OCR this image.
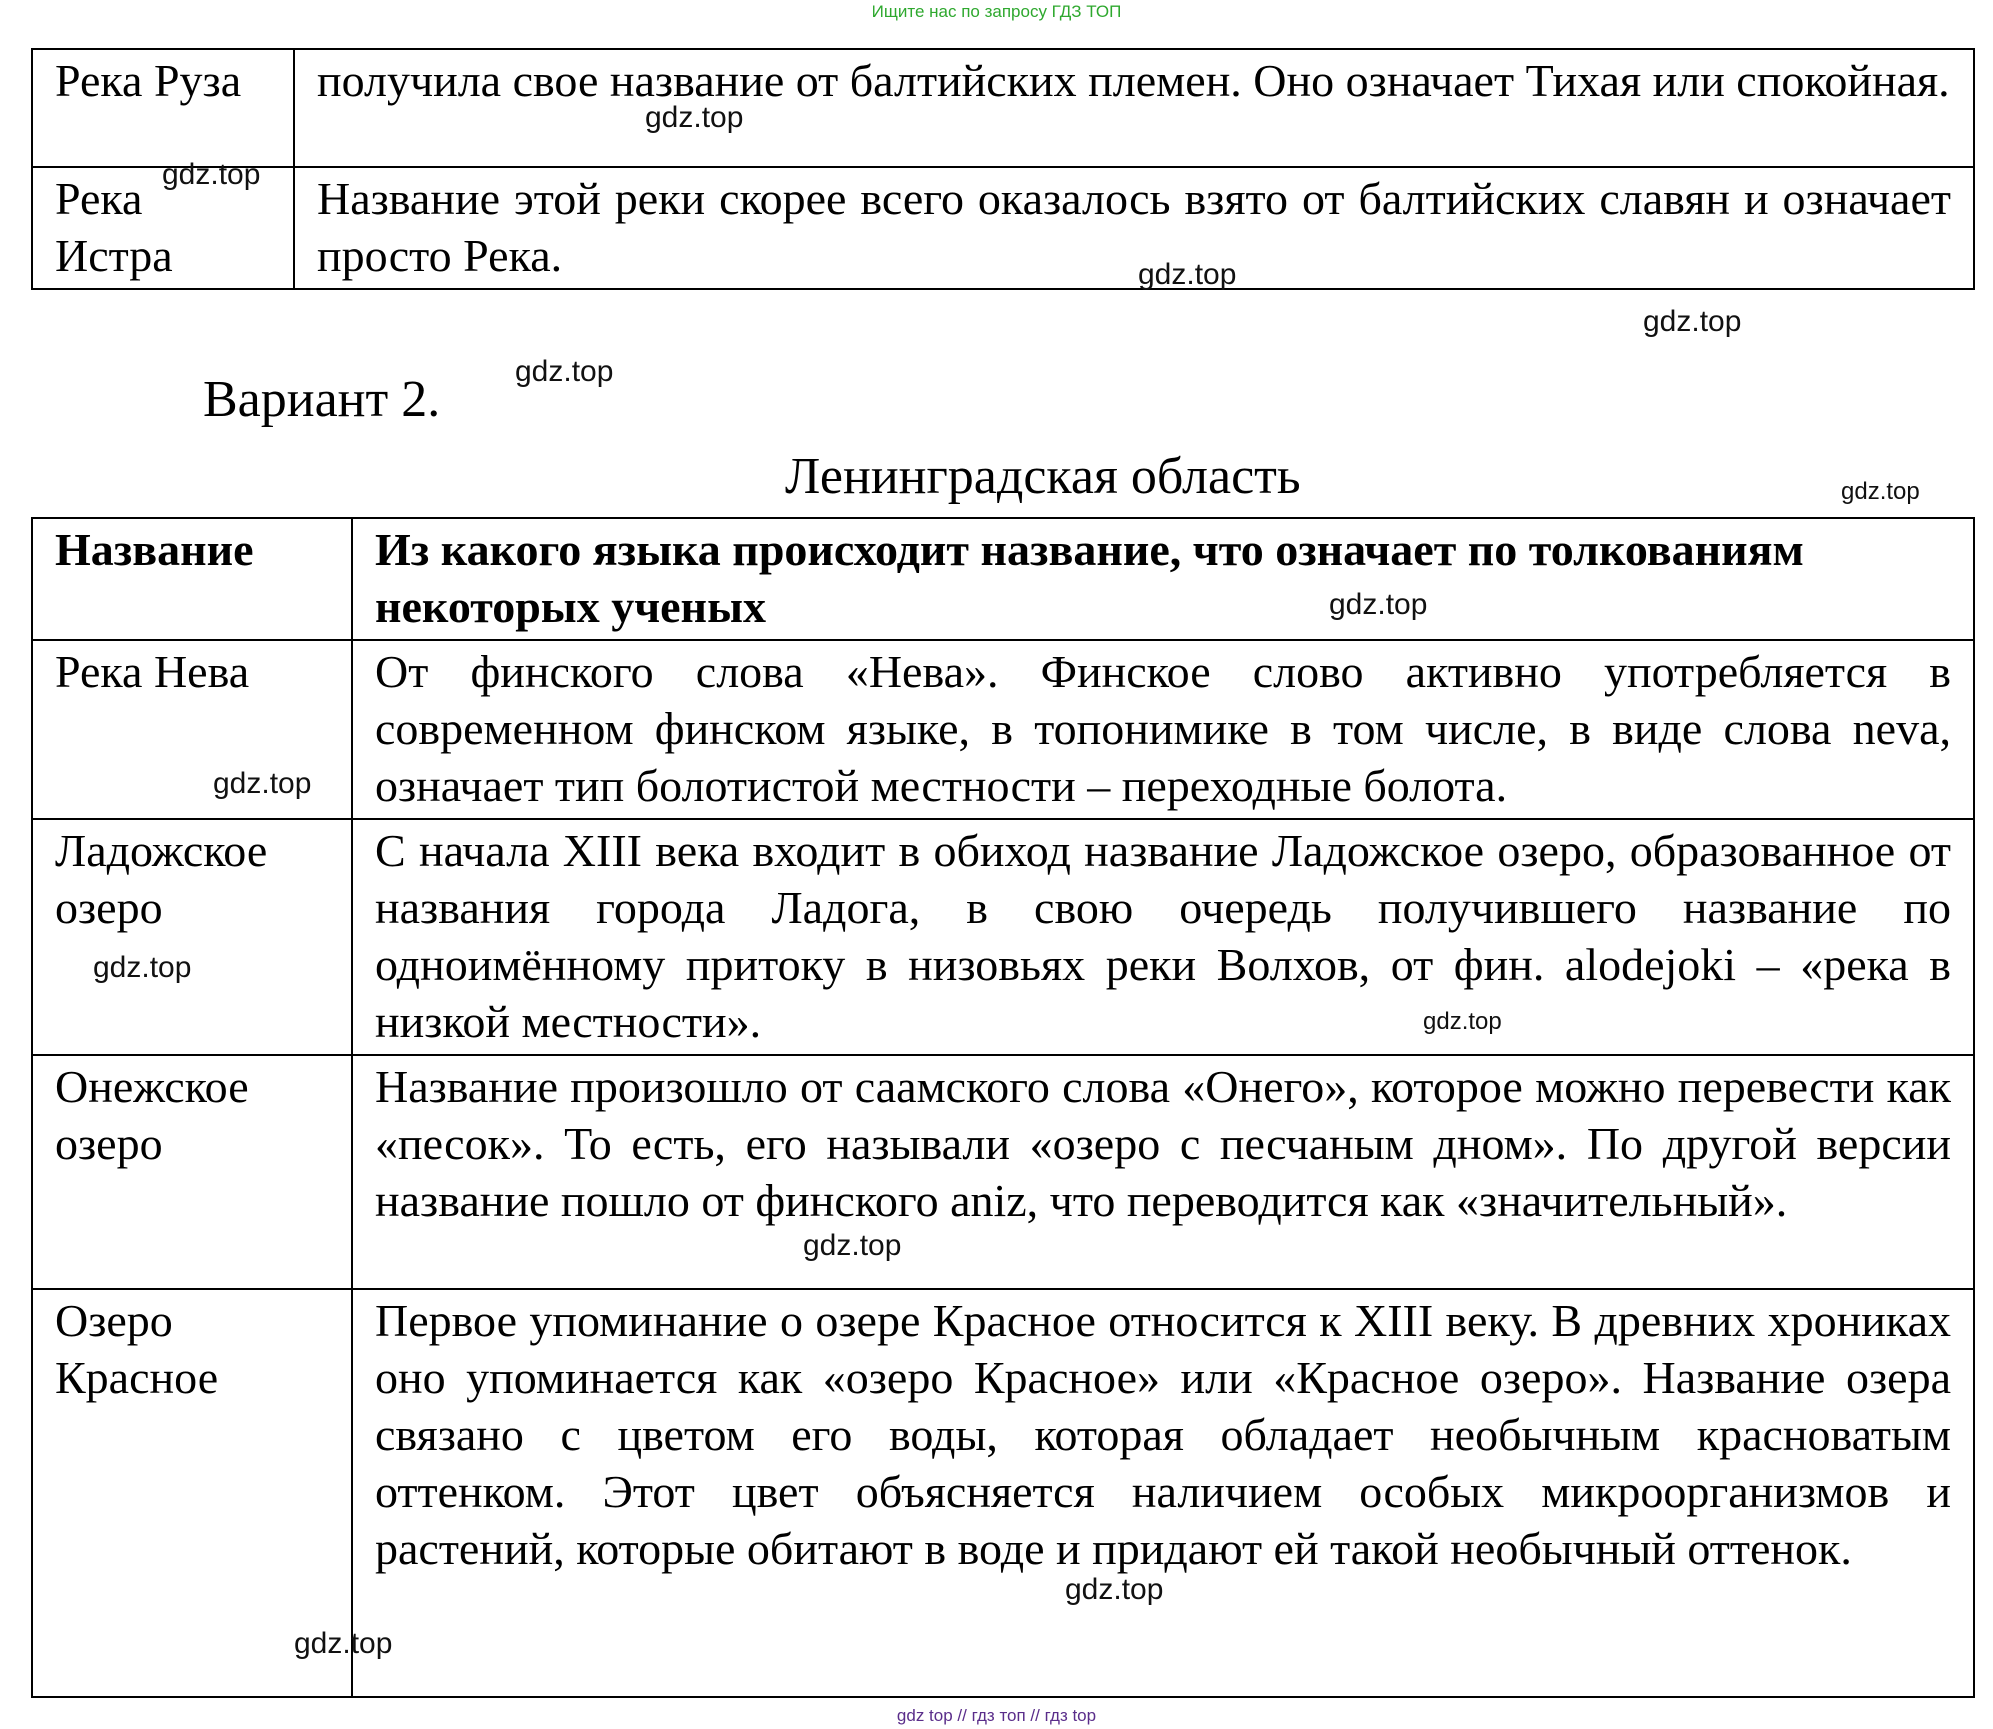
Ищите нас по запросу ГДЗ ТОП
Река Руза	получила свое название от балтийских племен. Оно означает Тихая или спокойная.
Река Истра	Название этой реки скорее всего оказалось взято от балтийских славян и означает просто Река.
Вариант 2.
Ленинградская область
Название	Из какого языка происходит название, что означает по толкованиям некоторых ученых
Река Нева	От финского слова «Нева». Финское слово активно употребляется в современном финском языке, в топонимике в том числе, в виде слова neva, означает тип болотистой местности – переходные болота.
Ладожское озеро	С начала XIII века входит в обиход название Ладожское озеро, образованное от названия города Ладога, в свою очередь получившего название по одноимённому притоку в низовьях реки Волхов, от фин. alodejoki – «река в низкой местности».
Онежское озеро	Название произошло от саамского слова «Онего», которое можно перевести как «песок». То есть, его называли «озеро с песчаным дном». По другой версии название пошло от финского aniz, что переводится как «значительный».
Озеро Красное	Первое упоминание о озере Красное относится к XIII веку. В древних хрониках оно упоминается как «озеро Красное» или «Красное озеро». Название озера связано с цветом его воды, которая обладает необычным красноватым оттенком. Этот цвет объясняется наличием особых микроорганизмов и растений, которые обитают в воде и придают ей такой необычный оттенок.
gdz.top
gdz.top
gdz.top
gdz.top
gdz.top
gdz.top
gdz.top
gdz.top
gdz.top
gdz.top
gdz.top
gdz.top
gdz.top
gdz top // гдз топ // гдз top
